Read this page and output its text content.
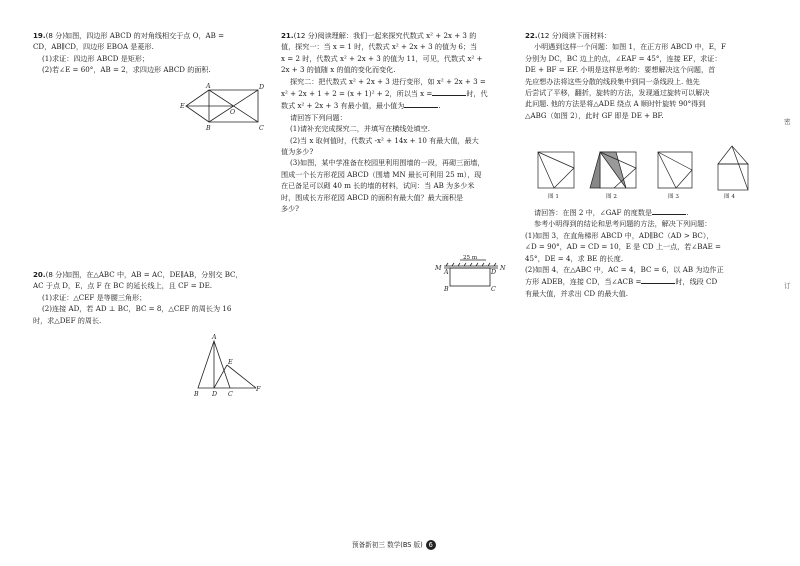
19.(8 分)如图，四边形 ABCD 的对角线相交于点 O，AB =

CD，AB∥CD，四边形 EBOA 是菱形.

(1)求证：四边形 ABCD 是矩形；

(2)若∠E = 60°，AB = 2，求四边形 ABCD 的面积.

A	D
E
O
B	C

20.(8 分)如图，在△ABC 中，AB = AC，DE∥AB，分别交 BC，

AC 于点 D，E，点 F 在 BC 的延长线上，且 CF = DE.

(1)求证：△CEF 是等腰三角形；

(2)连接 AD，若 AD ⊥ BC，BC = 8，△CEF 的周长为 16

时，求△DEF 的周长.

A
E
B D C
F

21.(12 分)阅读理解：我们一起来探究代数式 x² + 2x + 3 的

值，探究一：当 x = 1 时，代数式 x² + 2x + 3 的值为 6；当

x = 2 时，代数式 x² + 2x + 3 的值为 11，可见，代数式 x² +

2x + 3 的值随 x 的值的变化而变化.

探究二：把代数式 x² + 2x + 3 进行变形，如 x² + 2x + 3 =

x² + 2x + 1 + 2 = (x + 1)² + 2，所以当 x =	时，代

数式 x² + 2x + 3 有最小值，最小值为	.

请回答下列问题：

(1)请补充完成探究二，并填写在横线处填空.

(2)当 x 取何值时，代数式 -x² + 14x + 10 有最大值，最大

值为多少?

(3)如图，某中学准备在校园里利用围墙的一段，再砌三面墙，

围成一个长方形花园 ABCD（围墙 MN 最长可利用 25 m），现

在已备足可以砌 40 m 长的墙的材料，试问：当 AB 为多少米

时，围成长方形花园 ABCD 的面积有最大值？最大面积是

多少?

25 m
M	N
A	D
B	C

22.(12 分)阅读下面材料：

小明遇到这样一个问题：如图 1，在正方形 ABCD 中，E，F

分别为 DC，BC 边上的点，∠EAF = 45°，连接 EF，求证：

DE + BF = EF. 小明是这样思考的：要想解决这个问题，首

先应想办法将这些分散的线段集中到同一条线段上. 他先

后尝试了平移，翻折，旋转的方法，发现通过旋转可以解决

此问题. 他的方法是将△ADE 绕点 A 顺时针旋转 90°得到

△ABG（如图 2），此时 GF 即是 DE + BF.

请回答：在图 2 中，∠GAF 的度数是	.

参考小明得到的结论和思考问题的方法，解决下列问题：

(1)如图 3，在直角梯形 ABCD 中，AD∥BC（AD > BC），

∠D = 90°，AD = CD = 10，E 是 CD 上一点，若∠BAE =

45°，DE = 4，求 BE 的长度.

(2)如图 4，在△ABC 中，AC = 4，BC = 6，以 AB 为边作正

方形 ADEB，连接 CD，当∠ACB =	时，线段 CD

有最大值，并求出 CD 的最大值.

图 1	图 2	图 3	图 4
密
订
预备新初三 数学(BS 版) 6
